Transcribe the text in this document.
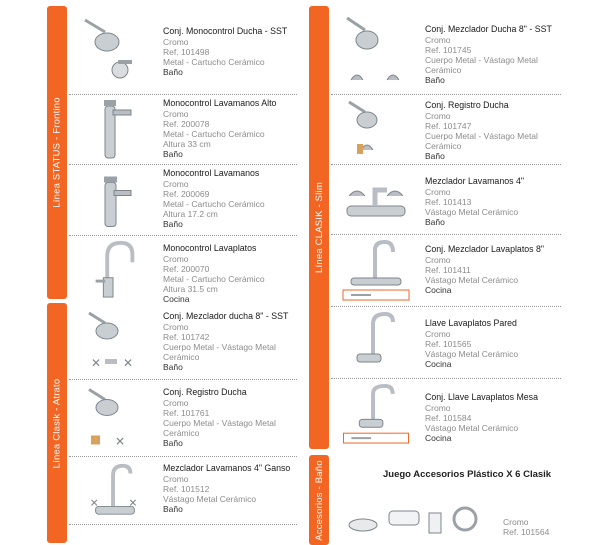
Línea STATUS - Frontino
Línea Clasik - Atrato
Conj. Monocontrol Ducha - SST
Cromo
Ref. 101498
Metal - Cartucho Cerámico
Baño
Monocontrol Lavamanos Alto
Cromo
Ref. 200078
Metal - Cartucho Cerámico
Altura 33 cm
Baño
Monocontrol Lavamanos
Cromo
Ref. 200069
Metal - Cartucho Cerámico
Altura 17.2 cm
Baño
Monocontrol Lavaplatos
Cromo
Ref. 200070
Metal - Cartucho Cerámico
Altura 31.5 cm
Cocina
✕ ✕
Conj. Mezclador ducha 8" - SST
Cromo
Ref. 101742
Cuerpo Metal - Vástago Metal
Cerámico
Baño
✕
Conj. Registro Ducha
Cromo
Ref. 101761
Cuerpo Metal - Vástago Metal
Cerámico
Baño
✕	✕
Mezclador Lavamanos 4" Ganso
Cromo
Ref. 101512
Vástago Metal Cerámico
Baño
Línea CLASIK - Slim
Accesorios - Baño
Conj. Mezclador Ducha 8" - SST
Cromo
Ref. 101745
Cuerpo Metal - Vástago Metal
Cerámico
Baño
Conj. Registro Ducha
Cromo
Ref. 101747
Cuerpo Metal - Vástago Metal
Cerámico
Baño
Mezclador Lavamanos 4"
Cromo
Ref. 101413
Vástago Metal Cerámico
Baño
Conj. Mezclador Lavaplatos 8"
Cromo
Ref. 101411
Vástago Metal Cerámico
Cocina
Llave Lavaplatos Pared
Cromo
Ref. 101565
Vástago Metal Cerámico
Cocina
Conj. Llave Lavaplatos Mesa
Cromo
Ref. 101584
Vástago Metal Cerámico
Cocina
Juego Accesorios Plástico X 6 Clasik
Cromo
Ref. 101564
